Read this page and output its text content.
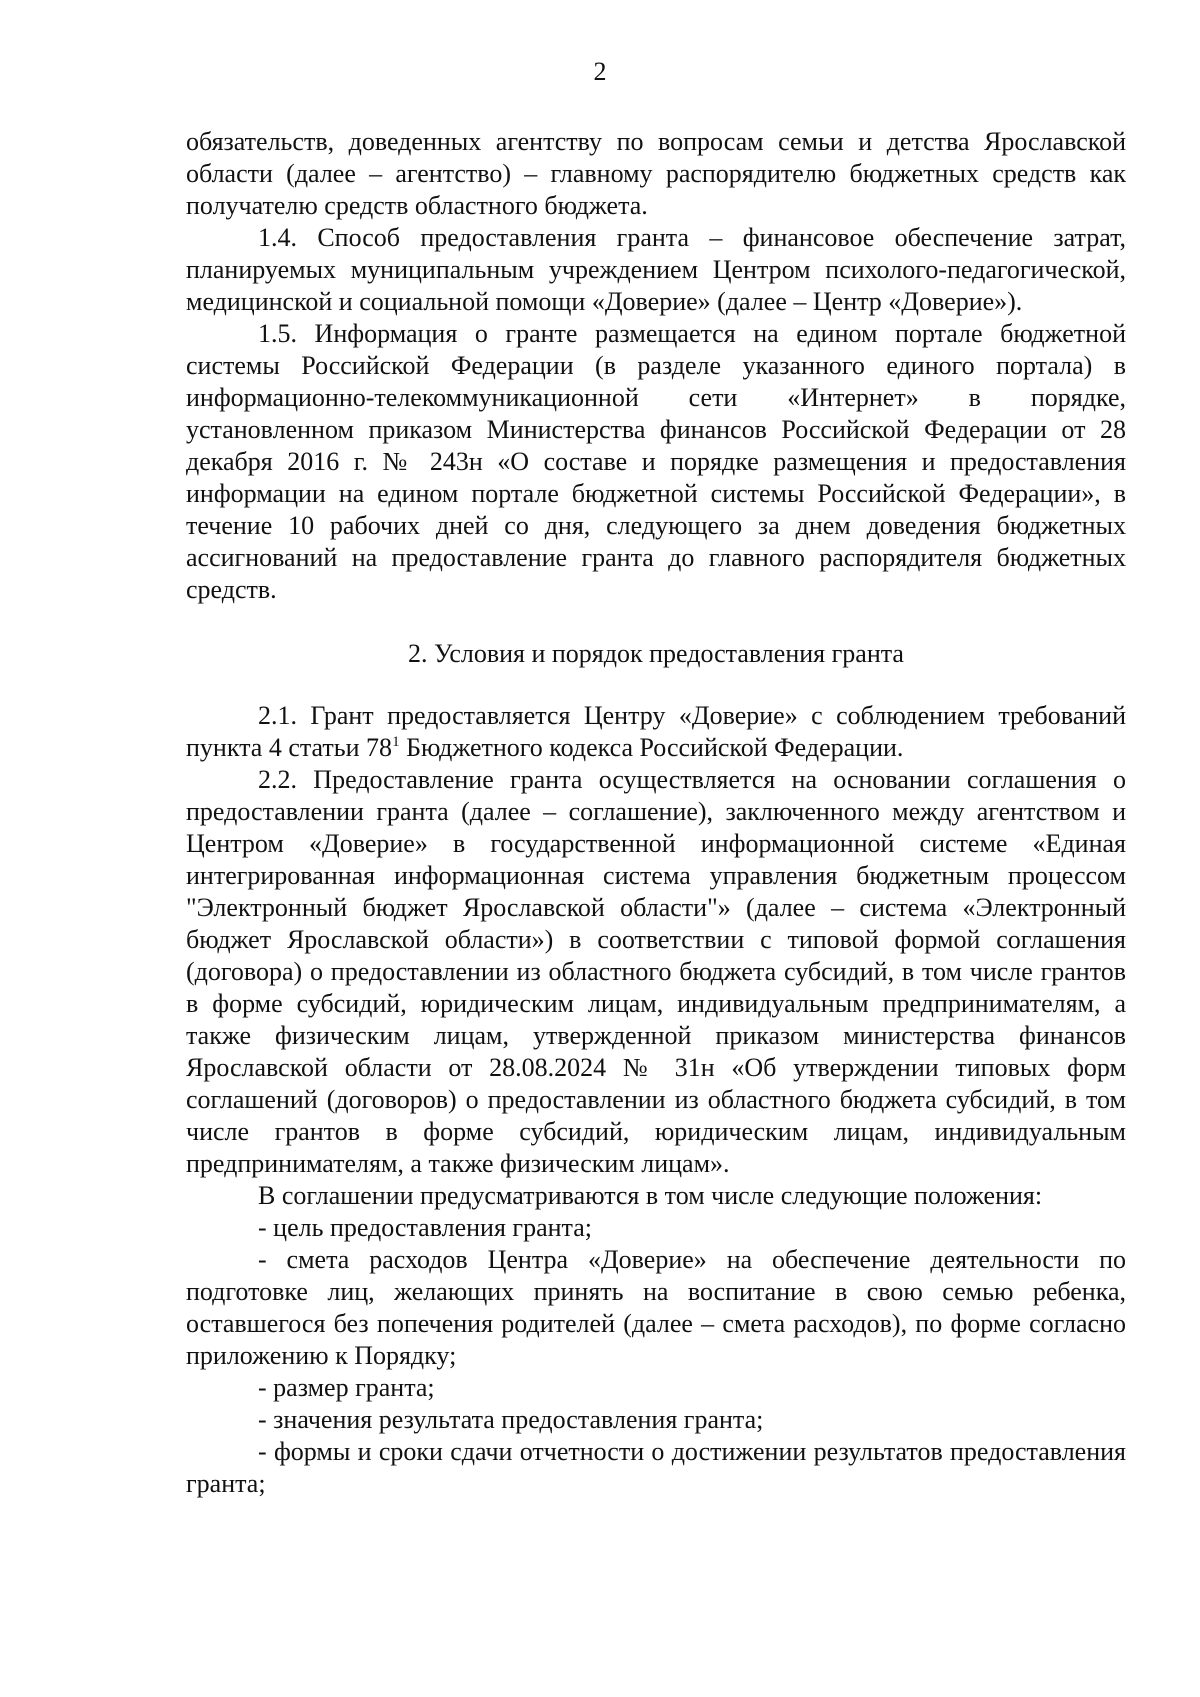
2

обязательств, доведенных агентству по вопросам семьи и детства Ярославской области (далее – агентство) – главному распорядителю бюджетных средств как получателю средств областного бюджета.

1.4. Способ предоставления гранта – финансовое обеспечение затрат, планируемых муниципальным учреждением Центром психолого-педагогической, медицинской и социальной помощи «Доверие» (далее – Центр «Доверие»).

1.5. Информация о гранте размещается на едином портале бюджетной системы Российской Федерации (в разделе указанного единого портала) в информационно-телекоммуникационной сети «Интернет» в порядке, установленном приказом Министерства финансов Российской Федерации от 28 декабря 2016 г. № 243н «О составе и порядке размещения и предоставления информации на едином портале бюджетной системы Российской Федерации», в течение 10 рабочих дней со дня, следующего за днем доведения бюджетных ассигнований на предоставление гранта до главного распорядителя бюджетных средств.

2. Условия и порядок предоставления гранта

2.1. Грант предоставляется Центру «Доверие» с соблюдением требований пункта 4 статьи $78^1$ Бюджетного кодекса Российской Федерации.

2.2. Предоставление гранта осуществляется на основании соглашения о предоставлении гранта (далее – соглашение), заключенного между агентством и Центром «Доверие» в государственной информационной системе «Единая интегрированная информационная система управления бюджетным процессом "Электронный бюджет Ярославской области"» (далее – система «Электронный бюджет Ярославской области») в соответствии с типовой формой соглашения (договора) о предоставлении из областного бюджета субсидий, в том числе грантов в форме субсидий, юридическим лицам, индивидуальным предпринимателям, а также физическим лицам, утвержденной приказом министерства финансов Ярославской области от 28.08.2024 № 31н «Об утверждении типовых форм соглашений (договоров) о предоставлении из областного бюджета субсидий, в том числе грантов в форме субсидий, юридическим лицам, индивидуальным предпринимателям, а также физическим лицам».

В соглашении предусматриваются в том числе следующие положения:

- цель предоставления гранта;

- смета расходов Центра «Доверие» на обеспечение деятельности по подготовке лиц, желающих принять на воспитание в свою семью ребенка, оставшегося без попечения родителей (далее – смета расходов), по форме согласно приложению к Порядку;

- размер гранта;

- значения результата предоставления гранта;

- формы и сроки сдачи отчетности о достижении результатов предоставления гранта;
